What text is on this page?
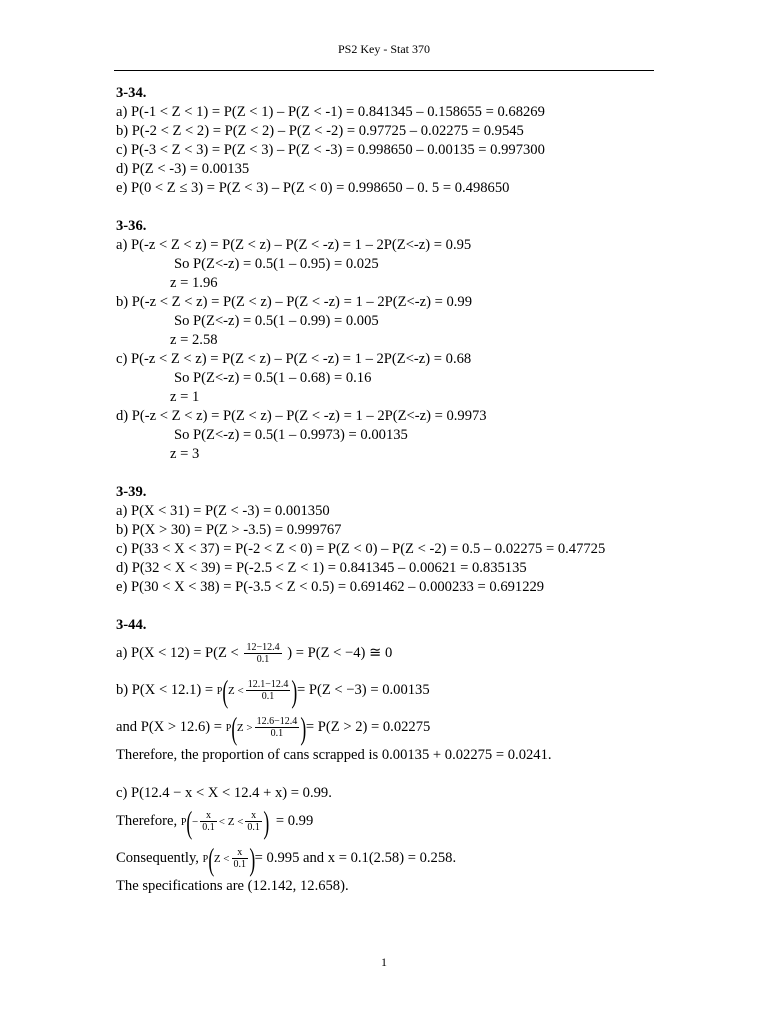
PS2 Key - Stat 370
3-34.
a) P(-1 < Z < 1) = P(Z < 1) – P(Z < -1) = 0.841345 – 0.158655 = 0.68269
b) P(-2 < Z < 2) = P(Z < 2) – P(Z < -2) = 0.97725 – 0.02275 = 0.9545
c) P(-3 < Z < 3) = P(Z < 3) – P(Z < -3) = 0.998650 – 0.00135 = 0.997300
d) P(Z < -3) = 0.00135
e) P(0 < Z ≤ 3) = P(Z < 3) – P(Z < 0) = 0.998650 – 0. 5 = 0.498650
3-36.
a) P(-z < Z < z) = P(Z < z) – P(Z < -z) = 1 – 2P(Z<-z) = 0.95
So P(Z<-z) = 0.5(1 – 0.95) = 0.025
z = 1.96
b) P(-z < Z < z) = P(Z < z) – P(Z < -z) = 1 – 2P(Z<-z) = 0.99
So P(Z<-z) = 0.5(1 – 0.99) = 0.005
z = 2.58
c) P(-z < Z < z) = P(Z < z) – P(Z < -z) = 1 – 2P(Z<-z) = 0.68
So P(Z<-z) = 0.5(1 – 0.68) = 0.16
z = 1
d) P(-z < Z < z) = P(Z < z) – P(Z < -z) = 1 – 2P(Z<-z) = 0.9973
So P(Z<-z) = 0.5(1 – 0.9973) = 0.00135
z = 3
3-39.
a) P(X < 31) = P(Z < -3) = 0.001350
b) P(X > 30) = P(Z > -3.5) = 0.999767
c) P(33 < X < 37) = P(-2 < Z < 0) = P(Z < 0) – P(Z < -2) = 0.5 – 0.02275 = 0.47725
d) P(32 < X < 39) = P(-2.5 < Z < 1) = 0.841345 – 0.00621 = 0.835135
e) P(30 < X < 38) = P(-3.5 < Z < 0.5) = 0.691462 – 0.000233 = 0.691229
3-44.
a) $P(X < 12) = P(Z < \frac{12-12.4}{0.1}$ ) = P(Z < −4) ≅ 0
b) $P(X < 12.1) = P(Z < \frac{12.1-12.4}{0.1}$ )= P(Z < −3) = 0.00135
and $P(X > 12.6) = P(Z > \frac{12.6-12.4}{0.1}$ )= P(Z > 2) = 0.02275
Therefore, the proportion of cans scrapped is 0.00135 + 0.02275 = 0.0241.
c) P(12.4 − x < X < 12.4 + x) = 0.99.
Therefore, $P(- \frac{x}{0.1} < Z < \frac{x}{0.1}$ ) = 0.99
Consequently, $P(Z < \frac{x}{0.1}$ )= 0.995 and x = 0.1(2.58) = 0.258.
The specifications are (12.142, 12.658).
1
